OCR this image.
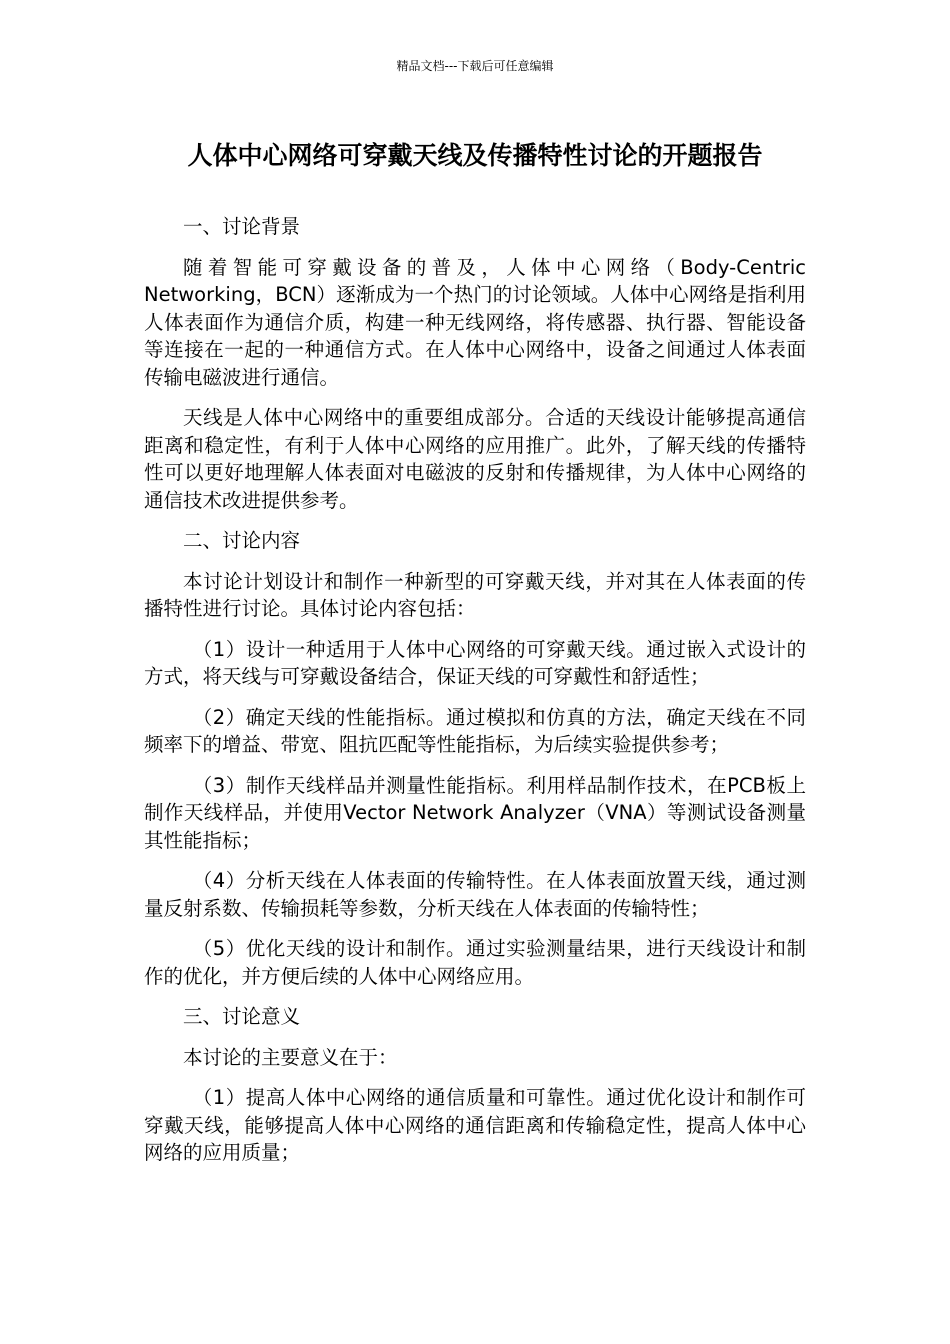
精品文档---下载后可任意编辑
人体中心网络可穿戴天线及传播特性讨论的开题报告

一、讨论背景

随着智能可穿戴设备的普及，人体中心网络（Body-Centric Networking，BCN）逐渐成为一个热门的讨论领域。人体中心网络是指利用人体表面作为通信介质，构建一种无线网络，将传感器、执行器、智能设备等连接在一起的一种通信方式。在人体中心网络中，设备之间通过人体表面传输电磁波进行通信。

天线是人体中心网络中的重要组成部分。合适的天线设计能够提高通信距离和稳定性，有利于人体中心网络的应用推广。此外，了解天线的传播特性可以更好地理解人体表面对电磁波的反射和传播规律，为人体中心网络的通信技术改进提供参考。

二、讨论内容

本讨论计划设计和制作一种新型的可穿戴天线，并对其在人体表面的传播特性进行讨论。具体讨论内容包括：

（1）设计一种适用于人体中心网络的可穿戴天线。通过嵌入式设计的方式，将天线与可穿戴设备结合，保证天线的可穿戴性和舒适性；

（2）确定天线的性能指标。通过模拟和仿真的方法，确定天线在不同频率下的增益、带宽、阻抗匹配等性能指标，为后续实验提供参考；

（3）制作天线样品并测量性能指标。利用样品制作技术，在PCB板上制作天线样品，并使用Vector Network Analyzer（VNA）等测试设备测量其性能指标；

（4）分析天线在人体表面的传输特性。在人体表面放置天线，通过测量反射系数、传输损耗等参数，分析天线在人体表面的传输特性；

（5）优化天线的设计和制作。通过实验测量结果，进行天线设计和制作的优化，并方便后续的人体中心网络应用。

三、讨论意义

本讨论的主要意义在于：

（1）提高人体中心网络的通信质量和可靠性。通过优化设计和制作可穿戴天线，能够提高人体中心网络的通信距离和传输稳定性，提高人体中心网络的应用质量；
